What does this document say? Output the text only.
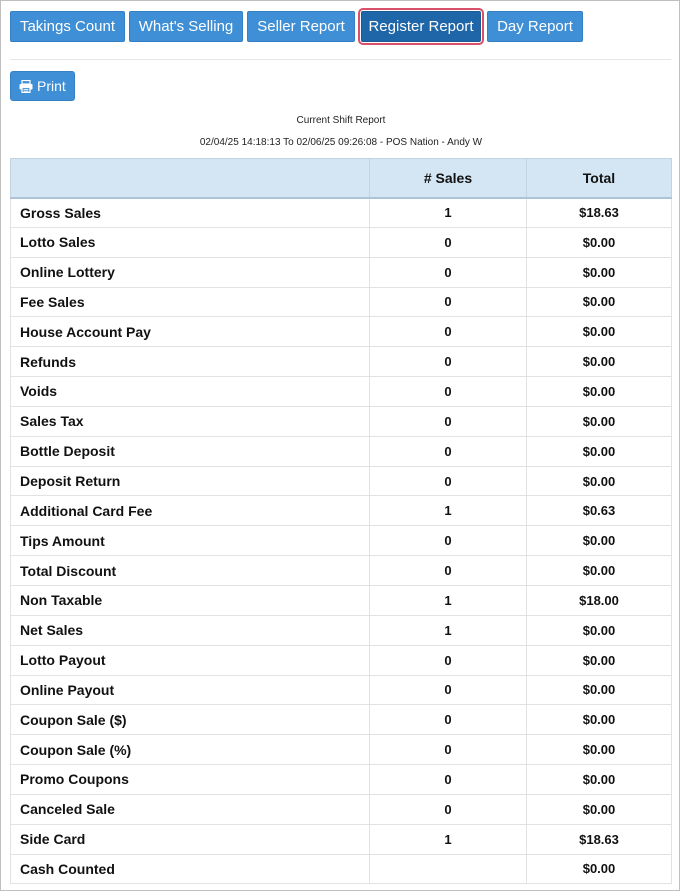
Takings Count	What's Selling	Seller Report	Register Report	Day Report
Print
Current Shift Report
02/04/25 14:18:13 To 02/06/25 09:26:08 - POS Nation - Andy W
	# Sales	Total
Gross Sales	1	$18.63
Lotto Sales	0	$0.00
Online Lottery	0	$0.00
Fee Sales	0	$0.00
House Account Pay	0	$0.00
Refunds	0	$0.00
Voids	0	$0.00
Sales Tax	0	$0.00
Bottle Deposit	0	$0.00
Deposit Return	0	$0.00
Additional Card Fee	1	$0.63
Tips Amount	0	$0.00
Total Discount	0	$0.00
Non Taxable	1	$18.00
Net Sales	1	$0.00
Lotto Payout	0	$0.00
Online Payout	0	$0.00
Coupon Sale ($)	0	$0.00
Coupon Sale (%)	0	$0.00
Promo Coupons	0	$0.00
Canceled Sale	0	$0.00
Side Card	1	$18.63
Cash Counted		$0.00
